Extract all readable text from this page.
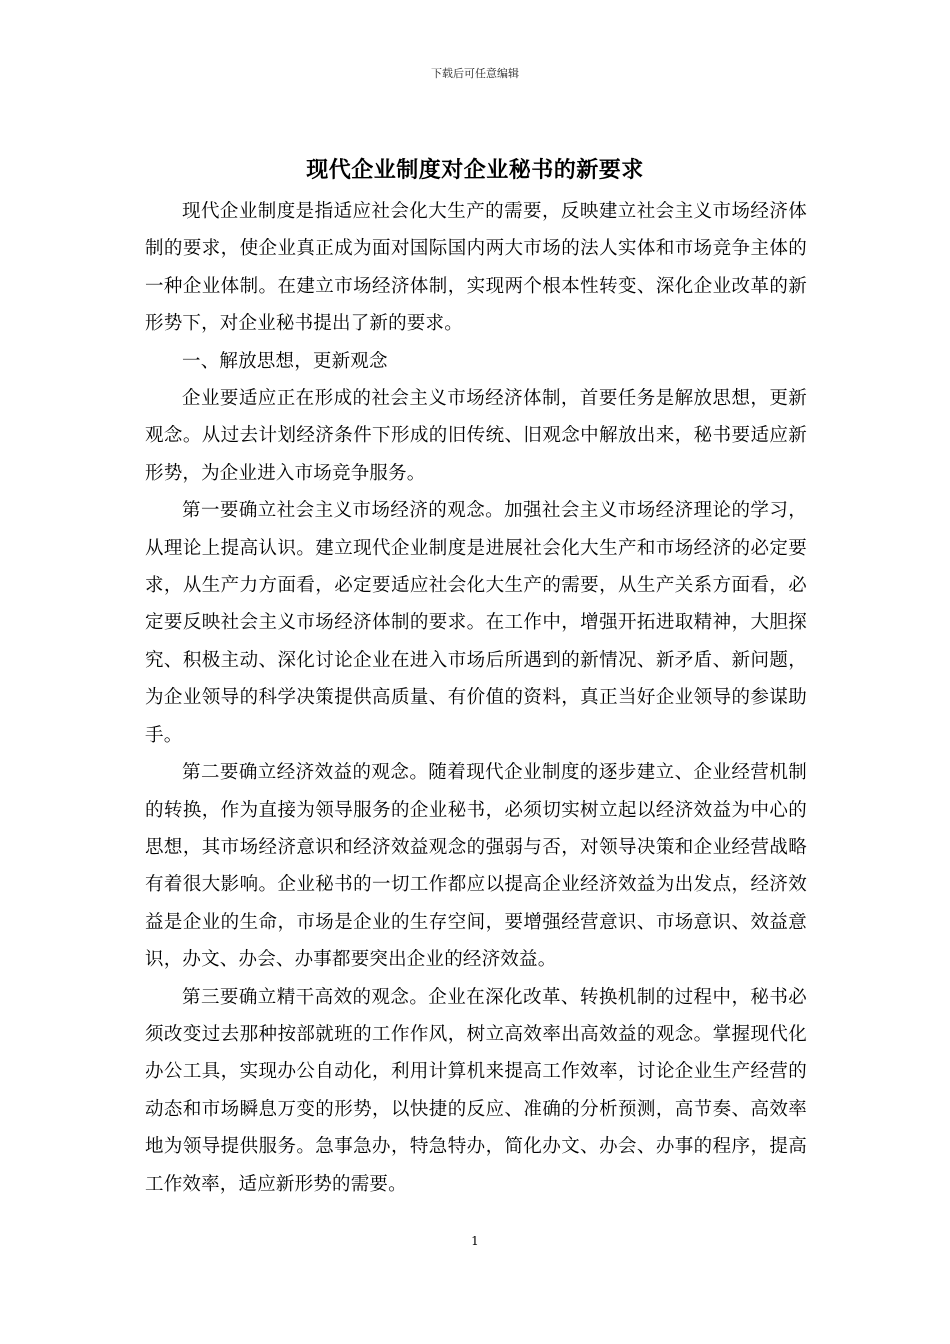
下载后可任意编辑
现代企业制度对企业秘书的新要求

现代企业制度是指适应社会化大生产的需要，反映建立社会主义市场经济体制的要求，使企业真正成为面对国际国内两大市场的法人实体和市场竞争主体的一种企业体制。在建立市场经济体制，实现两个根本性转变、深化企业改革的新形势下，对企业秘书提出了新的要求。

一、解放思想，更新观念

企业要适应正在形成的社会主义市场经济体制，首要任务是解放思想，更新观念。从过去计划经济条件下形成的旧传统、旧观念中解放出来，秘书要适应新形势，为企业进入市场竞争服务。

第一要确立社会主义市场经济的观念。加强社会主义市场经济理论的学习，从理论上提高认识。建立现代企业制度是进展社会化大生产和市场经济的必定要求，从生产力方面看，必定要适应社会化大生产的需要，从生产关系方面看，必定要反映社会主义市场经济体制的要求。在工作中，增强开拓进取精神，大胆探究、积极主动、深化讨论企业在进入市场后所遇到的新情况、新矛盾、新问题，为企业领导的科学决策提供高质量、有价值的资料，真正当好企业领导的参谋助手。

第二要确立经济效益的观念。随着现代企业制度的逐步建立、企业经营机制的转换，作为直接为领导服务的企业秘书，必须切实树立起以经济效益为中心的思想，其市场经济意识和经济效益观念的强弱与否，对领导决策和企业经营战略有着很大影响。企业秘书的一切工作都应以提高企业经济效益为出发点，经济效益是企业的生命，市场是企业的生存空间，要增强经营意识、市场意识、效益意识，办文、办会、办事都要突出企业的经济效益。

第三要确立精干高效的观念。企业在深化改革、转换机制的过程中，秘书必须改变过去那种按部就班的工作作风，树立高效率出高效益的观念。掌握现代化办公工具，实现办公自动化，利用计算机来提高工作效率，讨论企业生产经营的动态和市场瞬息万变的形势，以快捷的反应、准确的分析预测，高节奏、高效率地为领导提供服务。急事急办，特急特办，简化办文、办会、办事的程序，提高工作效率，适应新形势的需要。

1
